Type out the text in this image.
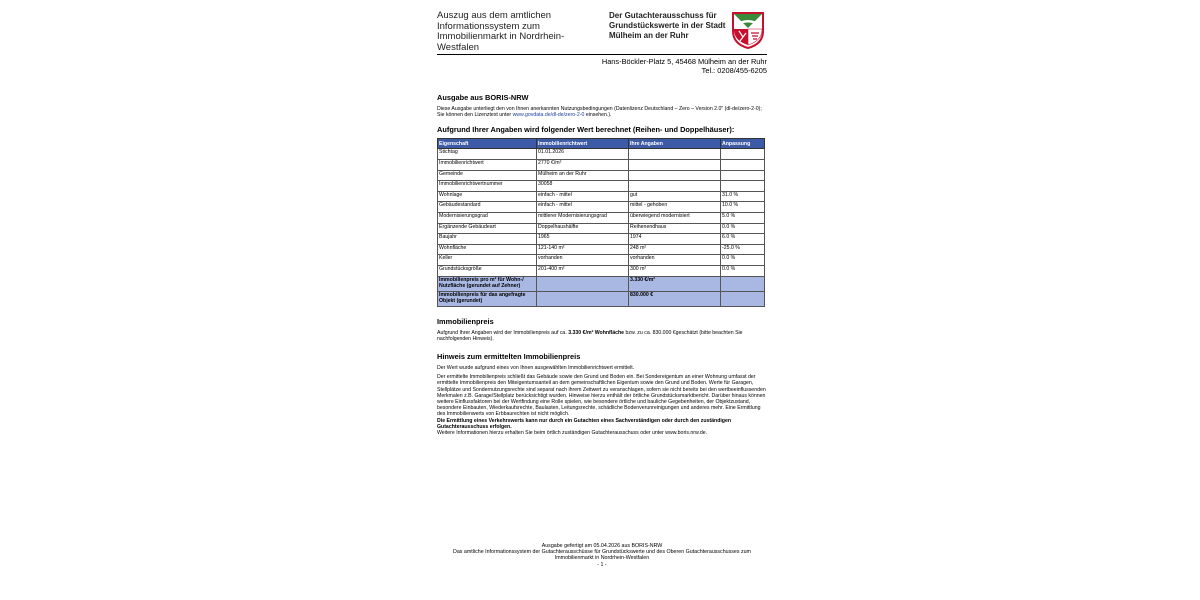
Auszug aus dem amtlichen Informationssystem zum Immobilienmarkt in Nordrhein-Westfalen
Der Gutachterausschuss für Grundstückswerte in der Stadt Mülheim an der Ruhr
Hans-Böckler-Platz 5, 45468 Mülheim an der Ruhr
Tel.: 0208/455-6205
Ausgabe aus BORIS-NRW
Diese Ausgabe unterliegt den von Ihnen anerkannten Nutzungsbedingungen (Datenlizenz Deutschland – Zero – Version 2.0" (dl-de/zero-2-0); Sie können den Lizenztext unter www.govdata.de/dl-de/zero-2-0 einsehen.).
Aufgrund Ihrer Angaben wird folgender Wert berechnet (Reihen- und Doppelhäuser):
Eigenschaft	Immobilienrichtwert	Ihre Angaben	Anpassung
Stichtag	01.01.2026		
Immobilienrichtwert	2770 €/m²		
Gemeinde	Mülheim an der Ruhr		
Immobilienrichtwertnummer	30058		
Wohnlage	einfach - mittel	gut	31.0 %
Gebäudestandard	einfach - mittel	mittel - gehoben	10.0 %
Modernisierungsgrad	mittlerer Modernisierungsgrad	überwiegend modernisiert	5.0 %
Ergänzende Gebäudeart	Doppelhaushälfte	Reihenendhaus	0.0 %
Baujahr	1965	1974	6.0 %
Wohnfläche	121-140 m²	248 m²	-25.0 %
Keller	vorhanden	vorhanden	0.0 %
Grundstücksgröße	201-400 m²	300 m²	0.0 %
Immobilienpreis pro m² für Wohn-/ Nutzfläche (gerundet auf Zehner)		3.330 €/m²	
Immobilienpreis für das angefragte Objekt (gerundet)		830.000 €	
Immobilienpreis
Aufgrund Ihrer Angaben wird der Immobilienpreis auf ca. 3.330 €/m² Wohnfläche bzw. zu ca. 830.000 €geschätzt (bitte beachten Sie nachfolgenden Hinweis).
Hinweis zum ermittelten Immobilienpreis
Der Wert wurde aufgrund eines von Ihnen ausgewählten Immobilienrichtwert ermittelt.
Der ermittelte Immobilienpreis schließt das Gebäude sowie den Grund und Boden ein. Bei Sondereigentum an einer Wohnung umfasst der ermittelte Immobilienpreis den Miteigentumsanteil an dem gemeinschaftlichen Eigentum sowie den Grund und Boden. Werte für Garagen, Stellplätze und Sondernutzungsrechte sind separat nach ihrem Zeitwert zu veranschlagen, sofern sie nicht bereits bei den wertbeeinflussenden Merkmalen z.B. Garage/Stellplatz berücksichtigt wurden. Hinweise hierzu enthält der örtliche Grundstücksmarktbericht. Darüber hinaus können weitere Einflussfaktoren bei der Wertfindung eine Rolle spielen, wie besondere örtliche und bauliche Gegebenheiten, der Objektzustand, besondere Einbauten, Wiederkaufsrechte, Baulasten, Leitungsrechte, schädliche Bodenverunreinigungen und anderes mehr. Eine Ermittlung des Immobilienwerts von Erbbaurechten ist nicht möglich.
Die Ermittlung eines Verkehrswerts kann nur durch ein Gutachten eines Sachverständigen oder durch den zuständigen Gutachterausschuss erfolgen.
Weitere Informationen hierzu erhalten Sie beim örtlich zuständigen Gutachterausschuss oder unter www.boris.nrw.de.
Ausgabe gefertigt am 05.04.2026 aus BORIS-NRW
Das amtliche Informationssystem der Gutachterausschüsse für Grundstückswerte und des Oberen Gutachterausschusses zum Immobilienmarkt in Nordrhein-Westfalen
- 1 -
